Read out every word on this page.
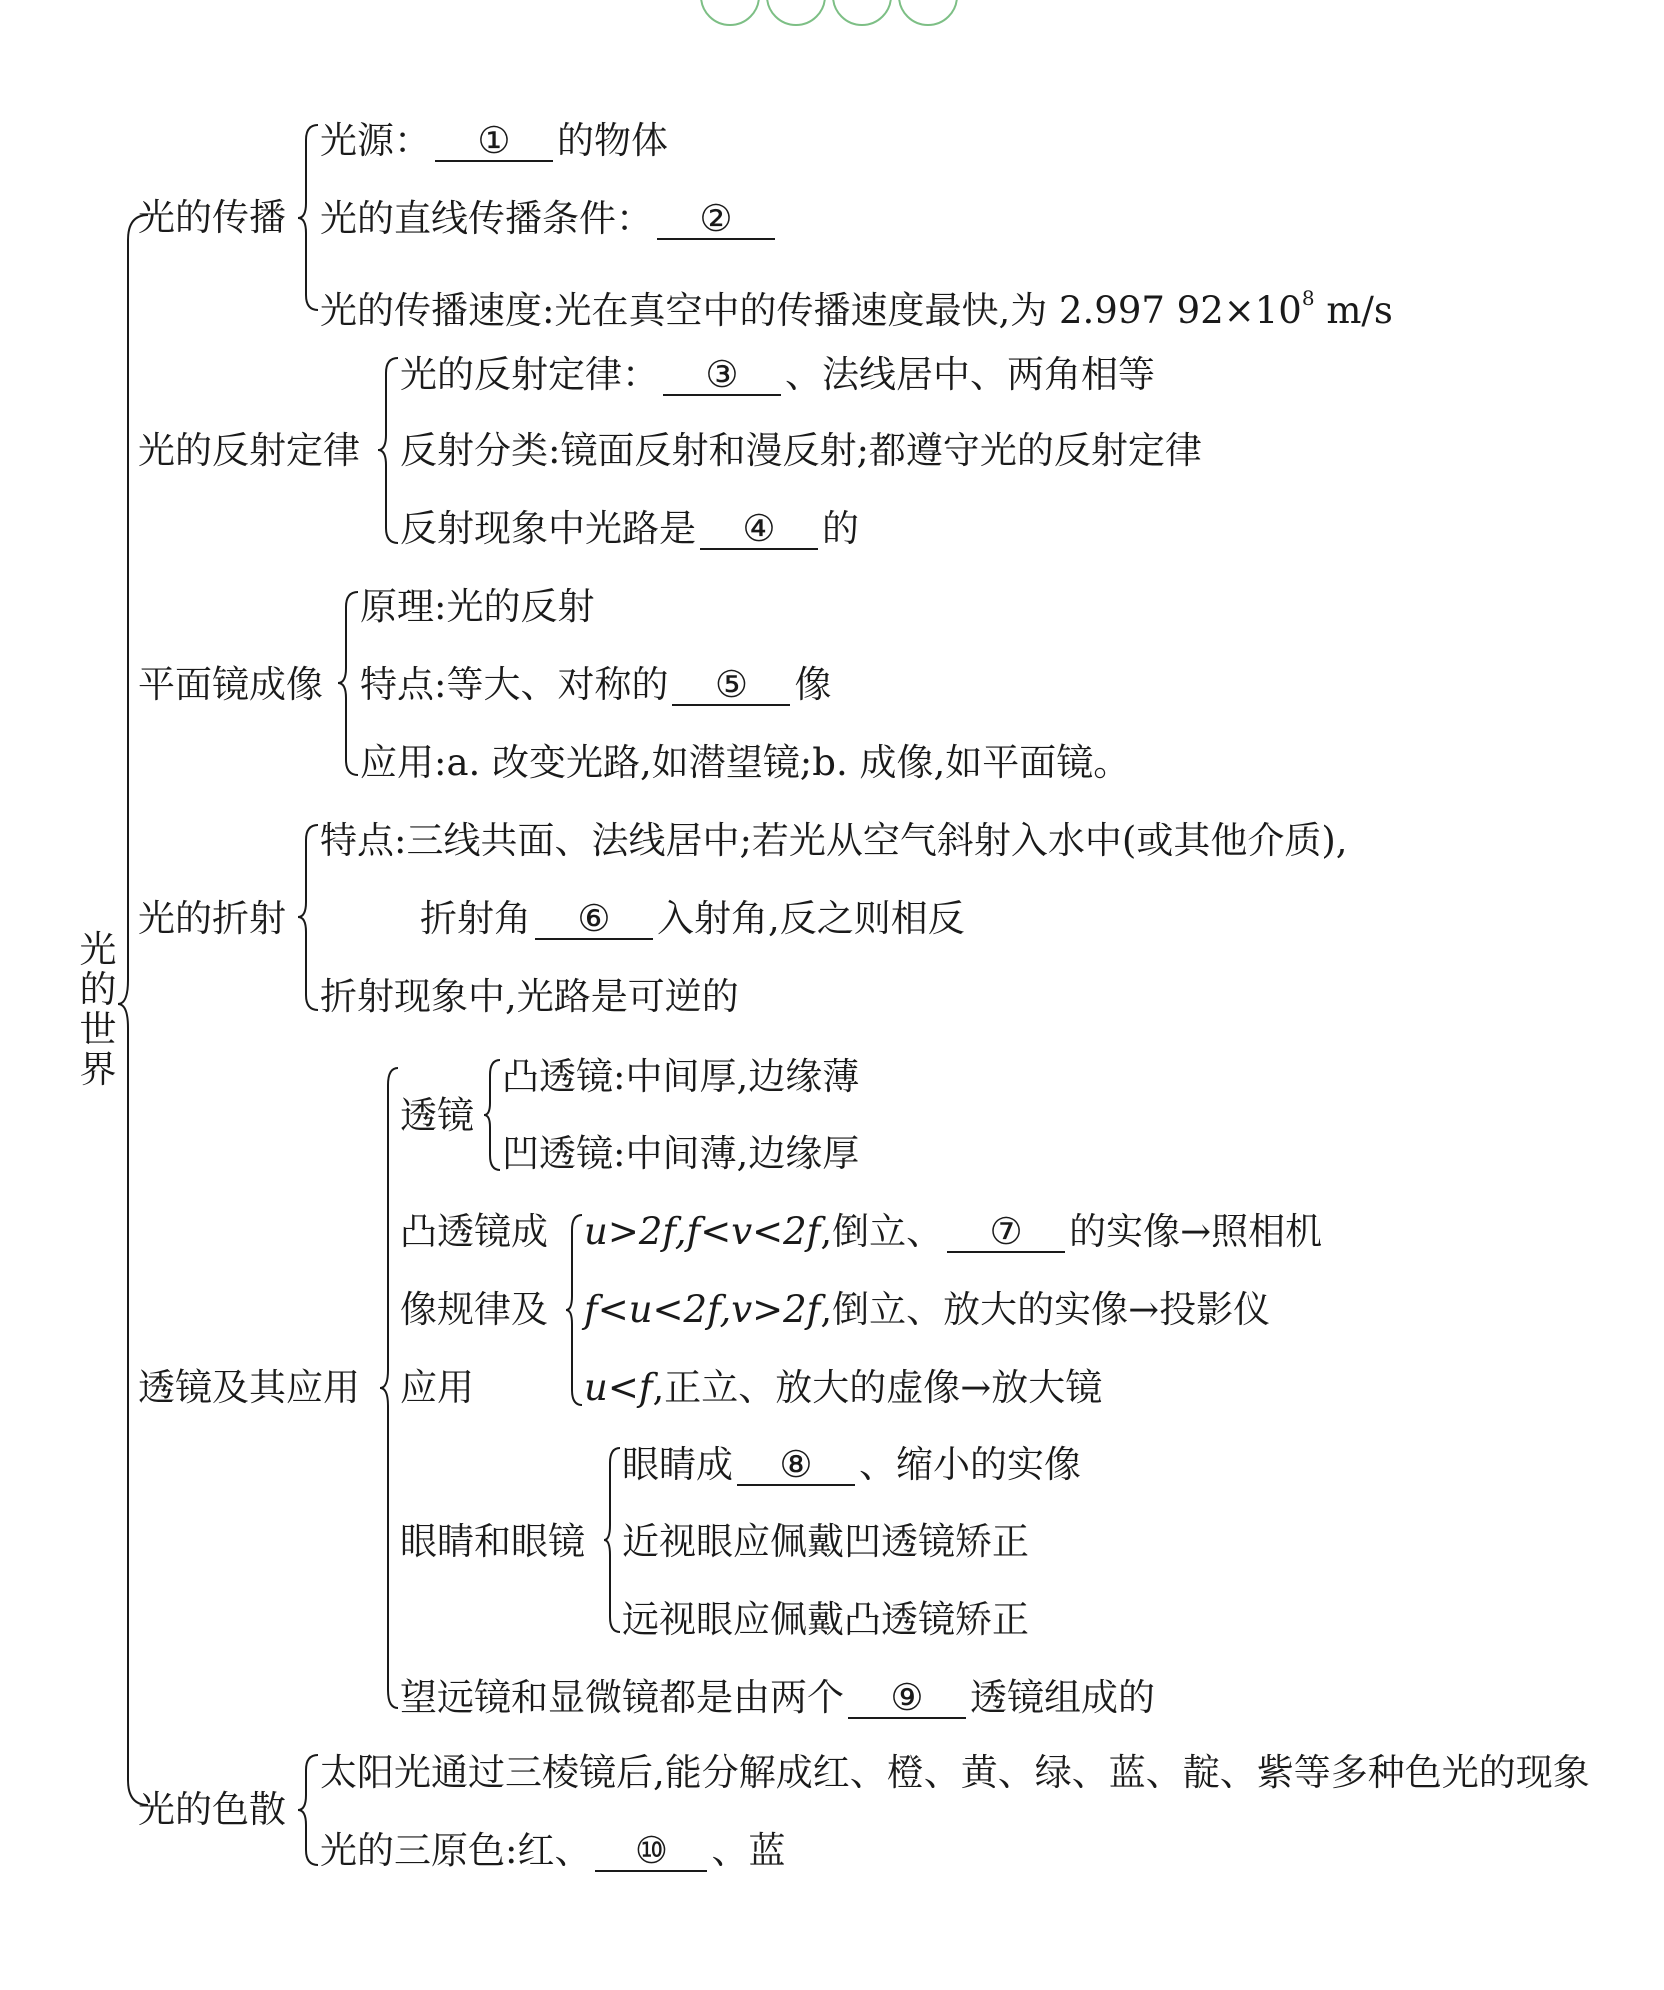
光
的
世
界
光的传播
光源： ① 的物体
光的直线传播条件： ②
光的传播速度:光在真空中的传播速度最快,为 2.997 $92\times 10^8$ m/s
光的反射定律
光的反射定律： ③ 、法线居中、两角相等
反射分类:镜面反射和漫反射;都遵守光的反射定律
反射现象中光路是 ④ 的
平面镜成像
原理:光的反射
特点:等大、对称的 ⑤ 像
应用:a. 改变光路,如潜望镜;b. 成像,如平面镜。
光的折射
特点:三线共面、法线居中;若光从空气斜射入水中(或其他介质),
折射角 ⑥ 入射角,反之则相反
折射现象中,光路是可逆的
透镜及其应用
透镜
凸透镜:中间厚,边缘薄
凹透镜:中间薄,边缘厚
凸透镜成
像规律及
应用
u>2f,f<v<2f,倒立、 ⑦ 的实像→照相机
f<u<2f,v>2f,倒立、放大的实像→投影仪
u<f,正立、放大的虚像→放大镜
眼睛和眼镜
眼睛成 ⑧ 、缩小的实像
近视眼应佩戴凹透镜矫正
远视眼应佩戴凸透镜矫正
望远镜和显微镜都是由两个 ⑨ 透镜组成的
光的色散
太阳光通过三棱镜后,能分解成红、橙、黄、绿、蓝、靛、紫等多种色光的现象
光的三原色:红、 ⑩ 、蓝
